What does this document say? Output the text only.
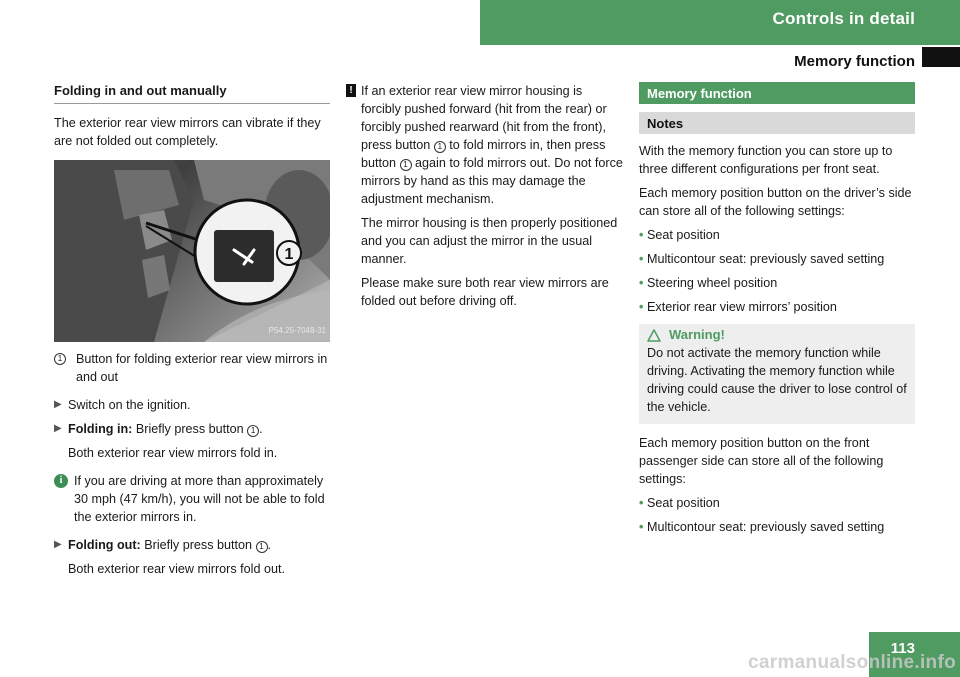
Controls in detail
Memory function
Folding in and out manually

The exterior rear view mirrors can vibrate if they are not folded out completely.

1
P54.25-7048-31
1	Button for folding exterior rear view mirrors in and out
▶ Switch on the ignition.
▶ Folding in: Briefly press button 1 .
Both exterior rear view mirrors fold in.
i If you are driving at more than approximately 30 mph (47 km/h), you will not be able to fold the exterior mirrors in.
▶ Folding out: Briefly press button 1 .
Both exterior rear view mirrors fold out.
! If an exterior rear view mirror housing is forcibly pushed forward (hit from the rear) or forcibly pushed rearward (hit from the front), press button 1 to fold mirrors in, then press button 1 again to fold mirrors out. Do not force mirrors by hand as this may damage the adjustment mechanism.

The mirror housing is then properly positioned and you can adjust the mirror in the usual manner.

Please make sure both rear view mirrors are folded out before driving off.

Memory function
Notes

With the memory function you can store up to three different configurations per front seat.

Each memory position button on the driver’s side can store all of the following settings:

• Seat position
• Multicontour seat: previously saved setting
• Steering wheel position
• Exterior rear view mirrors’ position
Warning!

Do not activate the memory function while driving. Activating the memory function while driving could cause the driver to lose control of the vehicle.

Each memory position button on the front passenger side can store all of the following settings:

• Seat position
• Multicontour seat: previously saved setting
113
carmanualsonline.info
